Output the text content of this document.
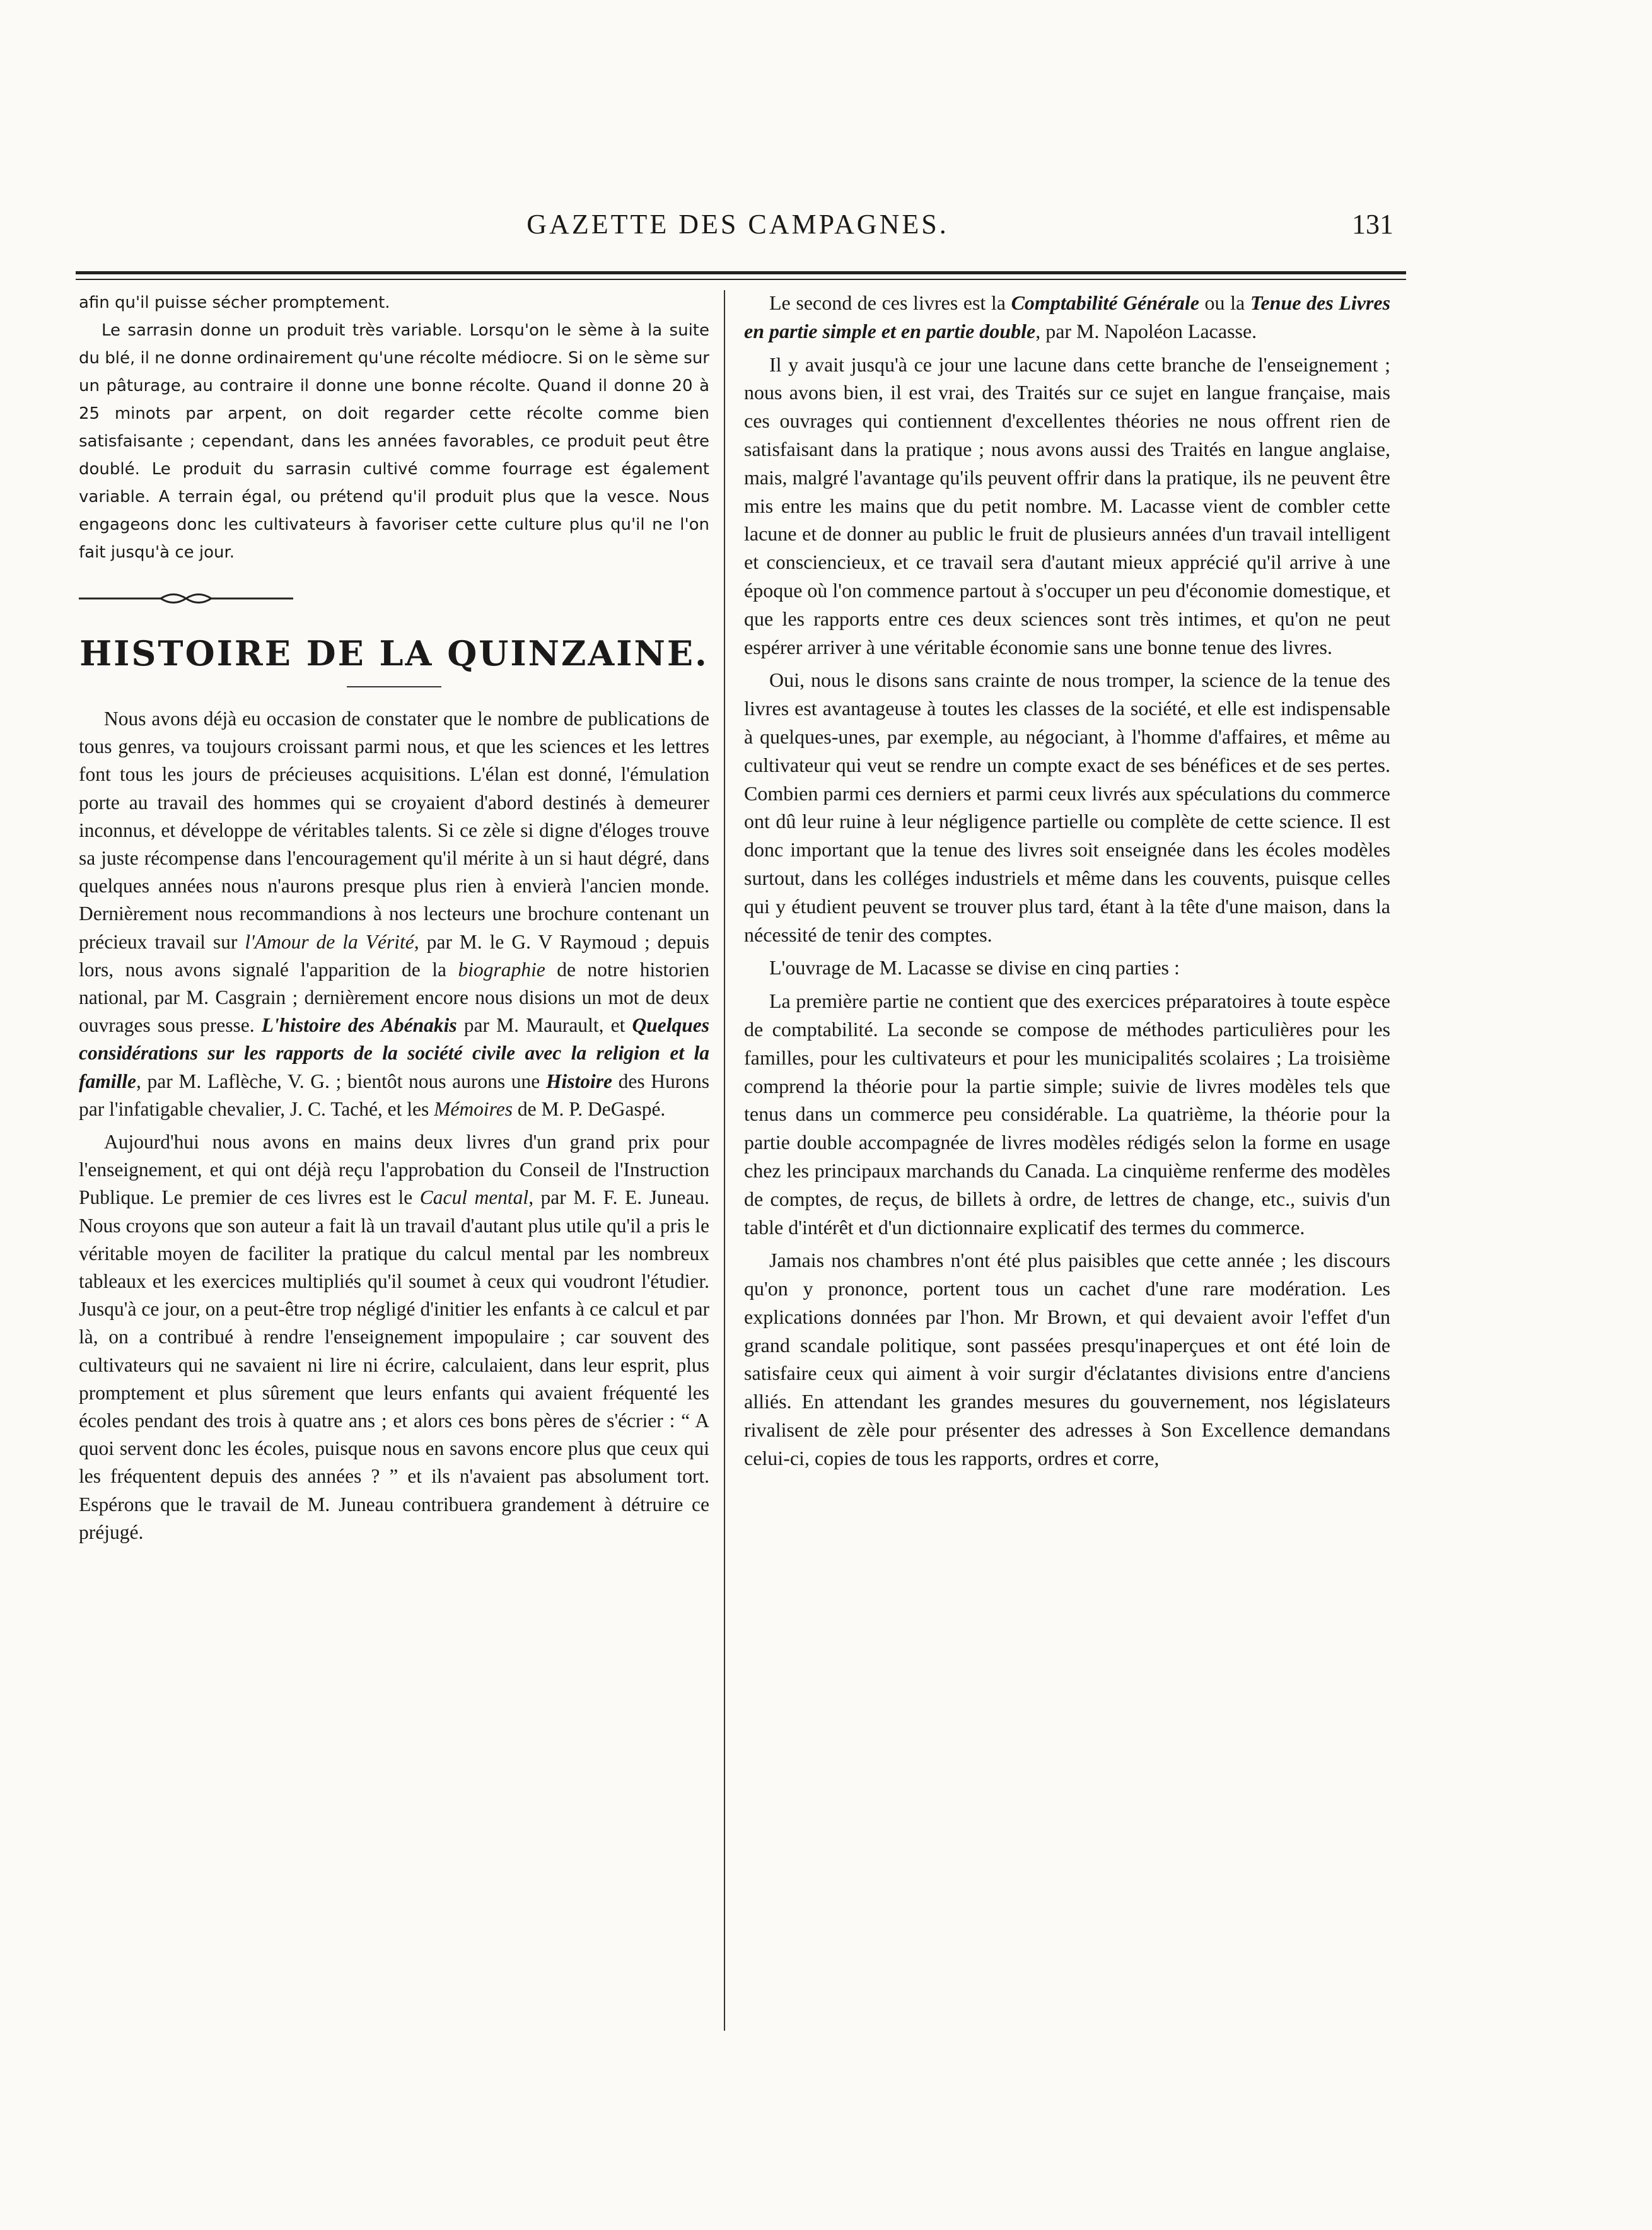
GAZETTE DES CAMPAGNES.	131

afin qu'il puisse sécher promptement.

Le sarrasin donne un produit très variable. Lorsqu'on le sème à la suite du blé, il ne donne ordinairement qu'une récolte médiocre. Si on le sème sur un pâturage, au contraire il donne une bonne récolte. Quand il donne 20 à 25 minots par arpent, on doit regarder cette récolte comme bien satisfaisante ; cependant, dans les années favorables, ce produit peut être doublé. Le produit du sarrasin cultivé comme fourrage est également variable. A terrain égal, ou prétend qu'il produit plus que la vesce. Nous engageons donc les cultivateurs à favoriser cette culture plus qu'il ne l'on fait jusqu'à ce jour.

HISTOIRE DE LA QUINZAINE.

Nous avons déjà eu occasion de constater que le nombre de publications de tous genres, va toujours croissant parmi nous, et que les sciences et les lettres font tous les jours de précieuses acquisitions. L'élan est donné, l'émulation porte au travail des hommes qui se croyaient d'abord destinés à demeurer inconnus, et développe de véritables talents. Si ce zèle si digne d'éloges trouve sa juste récompense dans l'encouragement qu'il mérite à un si haut dégré, dans quelques années nous n'aurons presque plus rien à envierà l'ancien monde. Dernièrement nous recommandions à nos lecteurs une brochure contenant un précieux travail sur l'Amour de la Vérité, par M. le G. V Raymoud ; depuis lors, nous avons signalé l'apparition de la biographie de notre historien national, par M. Casgrain ; dernièrement encore nous disions un mot de deux ouvrages sous presse. L'histoire des Abénakis par M. Maurault, et Quelques considérations sur les rapports de la société civile avec la religion et la famille, par M. Laflèche, V. G. ; bientôt nous aurons une Histoire des Hurons par l'infatigable chevalier, J. C. Taché, et les Mémoires de M. P. DeGaspé.

Aujourd'hui nous avons en mains deux livres d'un grand prix pour l'enseignement, et qui ont déjà reçu l'approbation du Conseil de l'Instruction Publique. Le premier de ces livres est le Cacul mental, par M. F. E. Juneau. Nous croyons que son auteur a fait là un travail d'autant plus utile qu'il a pris le véritable moyen de faciliter la pratique du calcul mental par les nombreux tableaux et les exercices multipliés qu'il soumet à ceux qui voudront l'étudier. Jusqu'à ce jour, on a peut-être trop négligé d'initier les enfants à ce calcul et par là, on a contribué à rendre l'enseignement impopulaire ; car souvent des cultivateurs qui ne savaient ni lire ni écrire, calculaient, dans leur esprit, plus promptement et plus sûrement que leurs enfants qui avaient fréquenté les écoles pendant des trois à quatre ans ; et alors ces bons pères de s'écrier : “ A quoi servent donc les écoles, puisque nous en savons encore plus que ceux qui les fréquentent depuis des années ? ” et ils n'avaient pas absolument tort. Espérons que le travail de M. Juneau contribuera grandement à détruire ce préjugé.

Le second de ces livres est la Comptabilité Générale ou la Tenue des Livres en partie simple et en partie double, par M. Napoléon Lacasse.

Il y avait jusqu'à ce jour une lacune dans cette branche de l'enseignement ; nous avons bien, il est vrai, des Traités sur ce sujet en langue française, mais ces ouvrages qui contiennent d'excellentes théories ne nous offrent rien de satisfaisant dans la pratique ; nous avons aussi des Traités en langue anglaise, mais, malgré l'avantage qu'ils peuvent offrir dans la pratique, ils ne peuvent être mis entre les mains que du petit nombre. M. Lacasse vient de combler cette lacune et de donner au public le fruit de plusieurs années d'un travail intelligent et consciencieux, et ce travail sera d'autant mieux apprécié qu'il arrive à une époque où l'on commence partout à s'occuper un peu d'économie domestique, et que les rapports entre ces deux sciences sont très intimes, et qu'on ne peut espérer arriver à une véritable économie sans une bonne tenue des livres.

Oui, nous le disons sans crainte de nous tromper, la science de la tenue des livres est avantageuse à toutes les classes de la société, et elle est indispensable à quelques-unes, par exemple, au négociant, à l'homme d'affaires, et même au cultivateur qui veut se rendre un compte exact de ses bénéfices et de ses pertes. Combien parmi ces derniers et parmi ceux livrés aux spéculations du commerce ont dû leur ruine à leur négligence partielle ou complète de cette science. Il est donc important que la tenue des livres soit enseignée dans les écoles modèles surtout, dans les colléges industriels et même dans les couvents, puisque celles qui y étudient peuvent se trouver plus tard, étant à la tête d'une maison, dans la nécessité de tenir des comptes.

L'ouvrage de M. Lacasse se divise en cinq parties :

La première partie ne contient que des exercices préparatoires à toute espèce de comptabilité. La seconde se compose de méthodes particulières pour les familles, pour les cultivateurs et pour les municipalités scolaires ; La troisième comprend la théorie pour la partie simple; suivie de livres modèles tels que tenus dans un commerce peu considérable. La quatrième, la théorie pour la partie double accompagnée de livres modèles rédigés selon la forme en usage chez les principaux marchands du Canada. La cinquième renferme des modèles de comptes, de reçus, de billets à ordre, de lettres de change, etc., suivis d'un table d'intérêt et d'un dictionnaire explicatif des termes du commerce.

Jamais nos chambres n'ont été plus paisibles que cette année ; les discours qu'on y prononce, portent tous un cachet d'une rare modération. Les explications données par l'hon. Mr Brown, et qui devaient avoir l'effet d'un grand scandale politique, sont passées presqu'inaperçues et ont été loin de satisfaire ceux qui aiment à voir surgir d'éclatantes divisions entre d'anciens alliés. En attendant les grandes mesures du gouvernement, nos législateurs rivalisent de zèle pour présenter des adresses à Son Excellence demandans celui-ci, copies de tous les rapports, ordres et corre,
